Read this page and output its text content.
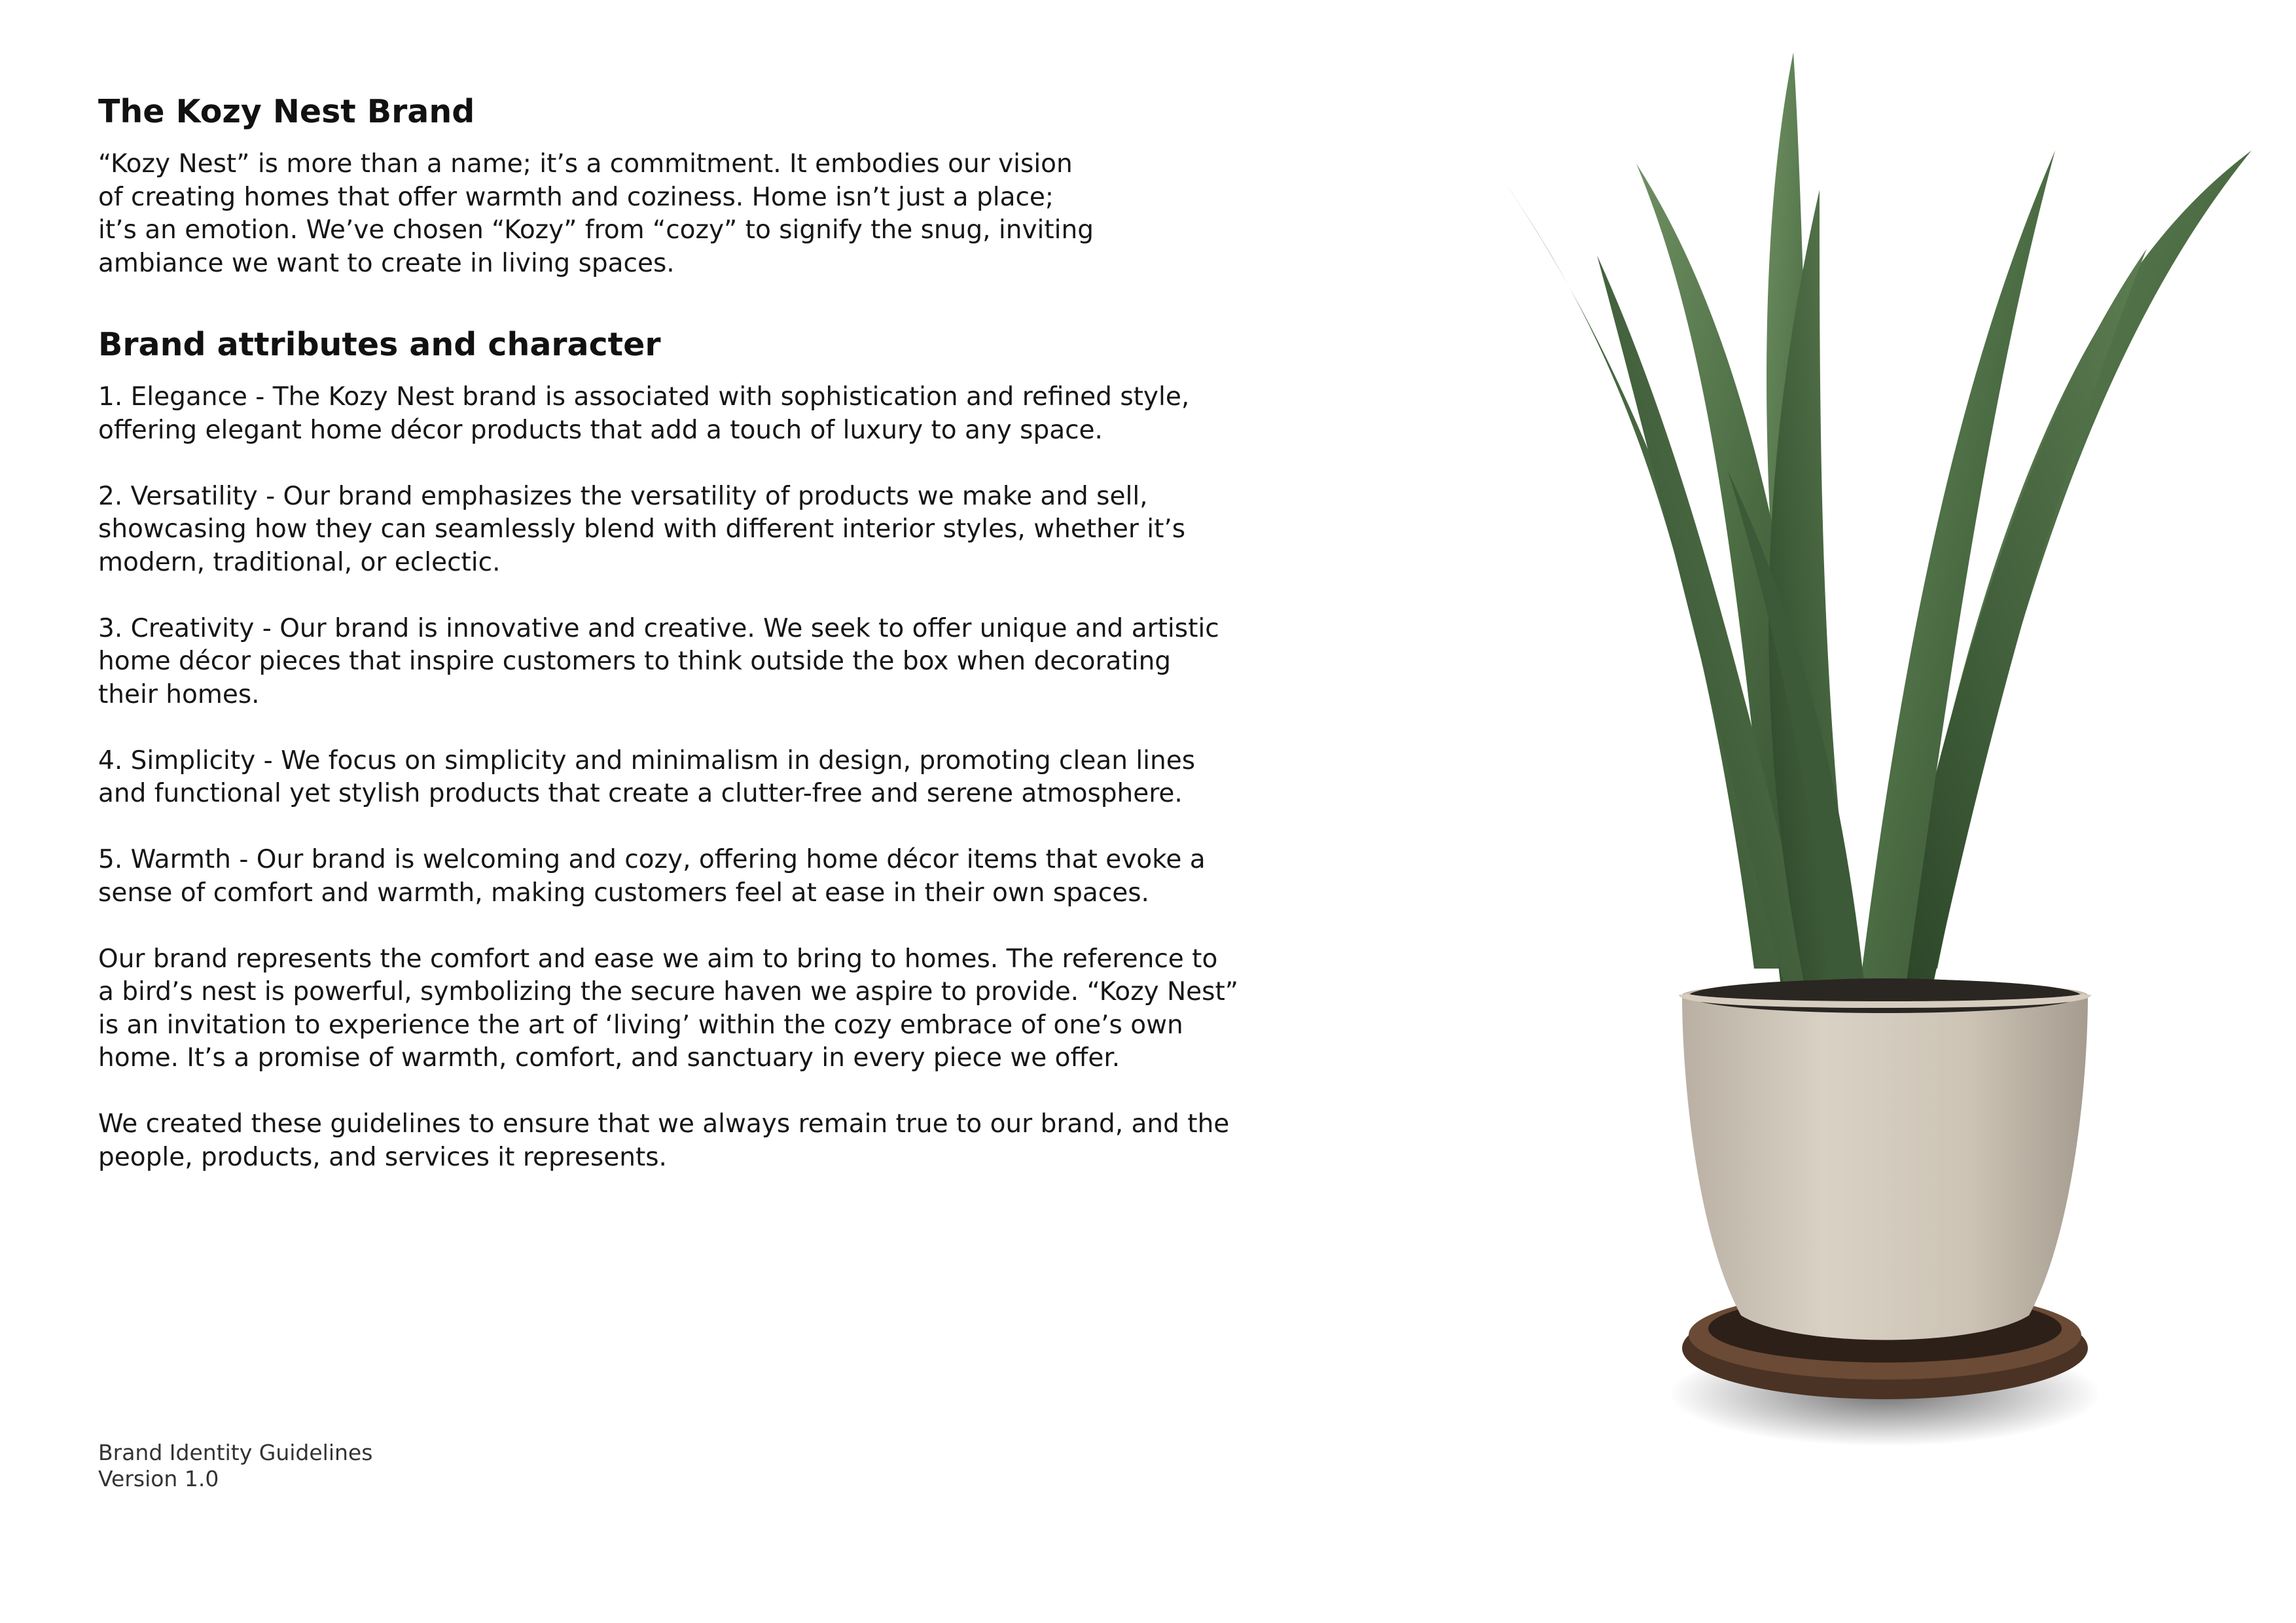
The Kozy Nest Brand

“Kozy Nest” is more than a name; it’s a commitment. It embodies our vision
of creating homes that offer warmth and coziness. Home isn’t just a place;
it’s an emotion. We’ve chosen “Kozy” from “cozy” to signify the snug, inviting
ambiance we want to create in living spaces.

Brand attributes and character
1. Elegance - The Kozy Nest brand is associated with sophistication and refined style,
offering elegant home décor products that add a touch of luxury to any space.
2. Versatility - Our brand emphasizes the versatility of products we make and sell,
showcasing how they can seamlessly blend with different interior styles, whether it’s
modern, traditional, or eclectic.
3. Creativity - Our brand is innovative and creative. We seek to offer unique and artistic
home décor pieces that inspire customers to think outside the box when decorating
their homes.
4. Simplicity - We focus on simplicity and minimalism in design, promoting clean lines
and functional yet stylish products that create a clutter-free and serene atmosphere.
5. Warmth - Our brand is welcoming and cozy, offering home décor items that evoke a
sense of comfort and warmth, making customers feel at ease in their own spaces.

Our brand represents the comfort and ease we aim to bring to homes. The reference to
a bird’s nest is powerful, symbolizing the secure haven we aspire to provide. “Kozy Nest”
is an invitation to experience the art of ‘living’ within the cozy embrace of one’s own
home. It’s a promise of warmth, comfort, and sanctuary in every piece we offer.

We created these guidelines to ensure that we always remain true to our brand, and the
people, products, and services it represents.

Brand Identity Guidelines
Version 1.0
